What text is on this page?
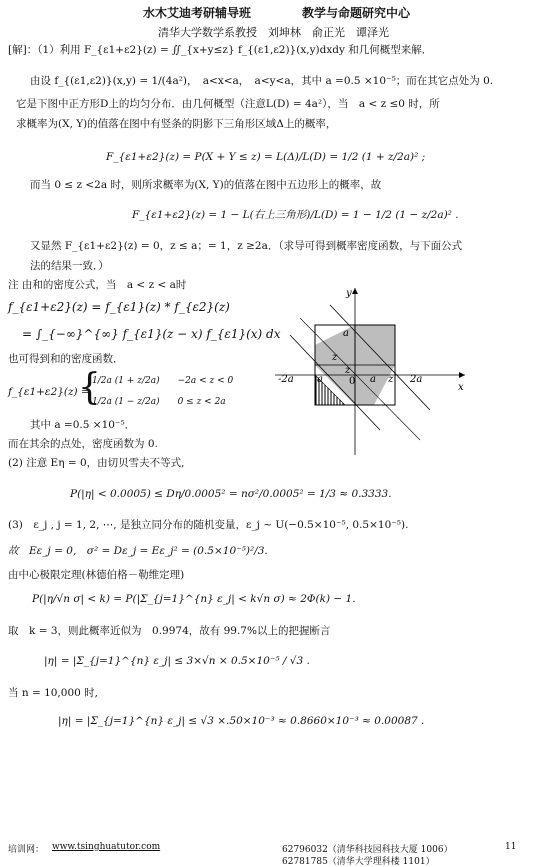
水木艾迪考研辅导班	教学与命题研究中心
清华大学数学系教授　刘坤林　俞正光　谭泽光
[解]：（1）利用 F_{ε1+ε2}(z) = ∬_{x+y≤z} f_{(ε1,ε2)}(x,y)dxdy 和几何概型来解．
由设 f_{(ε1,ε2)}(x,y) = 1/(4a²)，　a<x<a，　a<y<a，其中 a =0.5 ×10⁻⁵；而在其它点处为 0.
它是下图中正方形D上的均匀分布．由几何概型（注意L(D) = 4a²），当　a < z ≤0 时，所
求概率为(X, Y)的值落在图中有竖条的阴影下三角形区域Δ上的概率，
F_{ε1+ε2}(z) = P(X + Y ≤ z) = L(Δ)/L(D) = 1/2 (1 + z/2a)² ;
而当 0 ≤ z <2a 时，则所求概率为(X, Y)的值落在图中五边形上的概率，故
F_{ε1+ε2}(z) = 1 − L(右上三角形)/L(D) = 1 − 1/2 (1 − z/2a)² .
又显然 F_{ε1+ε2}(z) = 0，z ≤ a；= 1，z ≥2a．（求导可得到概率密度函数，与下面公式
法的结果一致．）
注 由和的密度公式，当　a < z < a时
f_{ε1+ε2}(z) = f_{ε1}(z) * f_{ε2}(z)
= ∫_{−∞}^{∞} f_{ε1}(z − x) f_{ε1}(x) dx
也可得到和的密度函数．
f_{ε1+ε2}(z) =
{
1/2a (1 + z/2a)　　−2a < z < 0
1/2a (1 − z/2a)　　0 ≤ z < 2a
其中 a =0.5 ×10⁻⁵．
而在其余的点处，密度函数为 0.
(2) 注意 Eη = 0，由切贝雪夫不等式,
P(|η| < 0.0005) ≤ Dη/0.0005² = nσ²/0.0005² = 1/3 ≈ 0.3333.
(3)　ε_j , j = 1, 2, ⋯, 是独立同分布的随机变量，ε_j ~ U(−0.5×10⁻⁵, 0.5×10⁻⁵).
故　Eε_j = 0,　σ² = Dε_j = Eε_j² = (0.5×10⁻⁵)²/3.
由中心极限定理(林德伯格－勒维定理)
P(|η/√n σ| < k) = P(|Σ_{j=1}^{n} ε_j| < k√n σ) ≈ 2Φ(k) − 1.
取　k = 3，则此概率近似为　0.9974，故有 99.7%以上的把握断言
|η| = |Σ_{j=1}^{n} ε_j| ≤ 3×√n × 0.5×10⁻⁵ / √3 .
当 n = 10,000 时,
|η| = |Σ_{j=1}^{n} ε_j| ≤ √3 ×.50×10⁻³ ≈ 0.8660×10⁻³ ≈ 0.00087 .
y
x
a
z
z
-2a a	0 a z 2a
培训网： www.tsinghuatutor.com	62796032（清华科技园科技大厦 1006）
62781785（清华大学理科楼 1101）
11
